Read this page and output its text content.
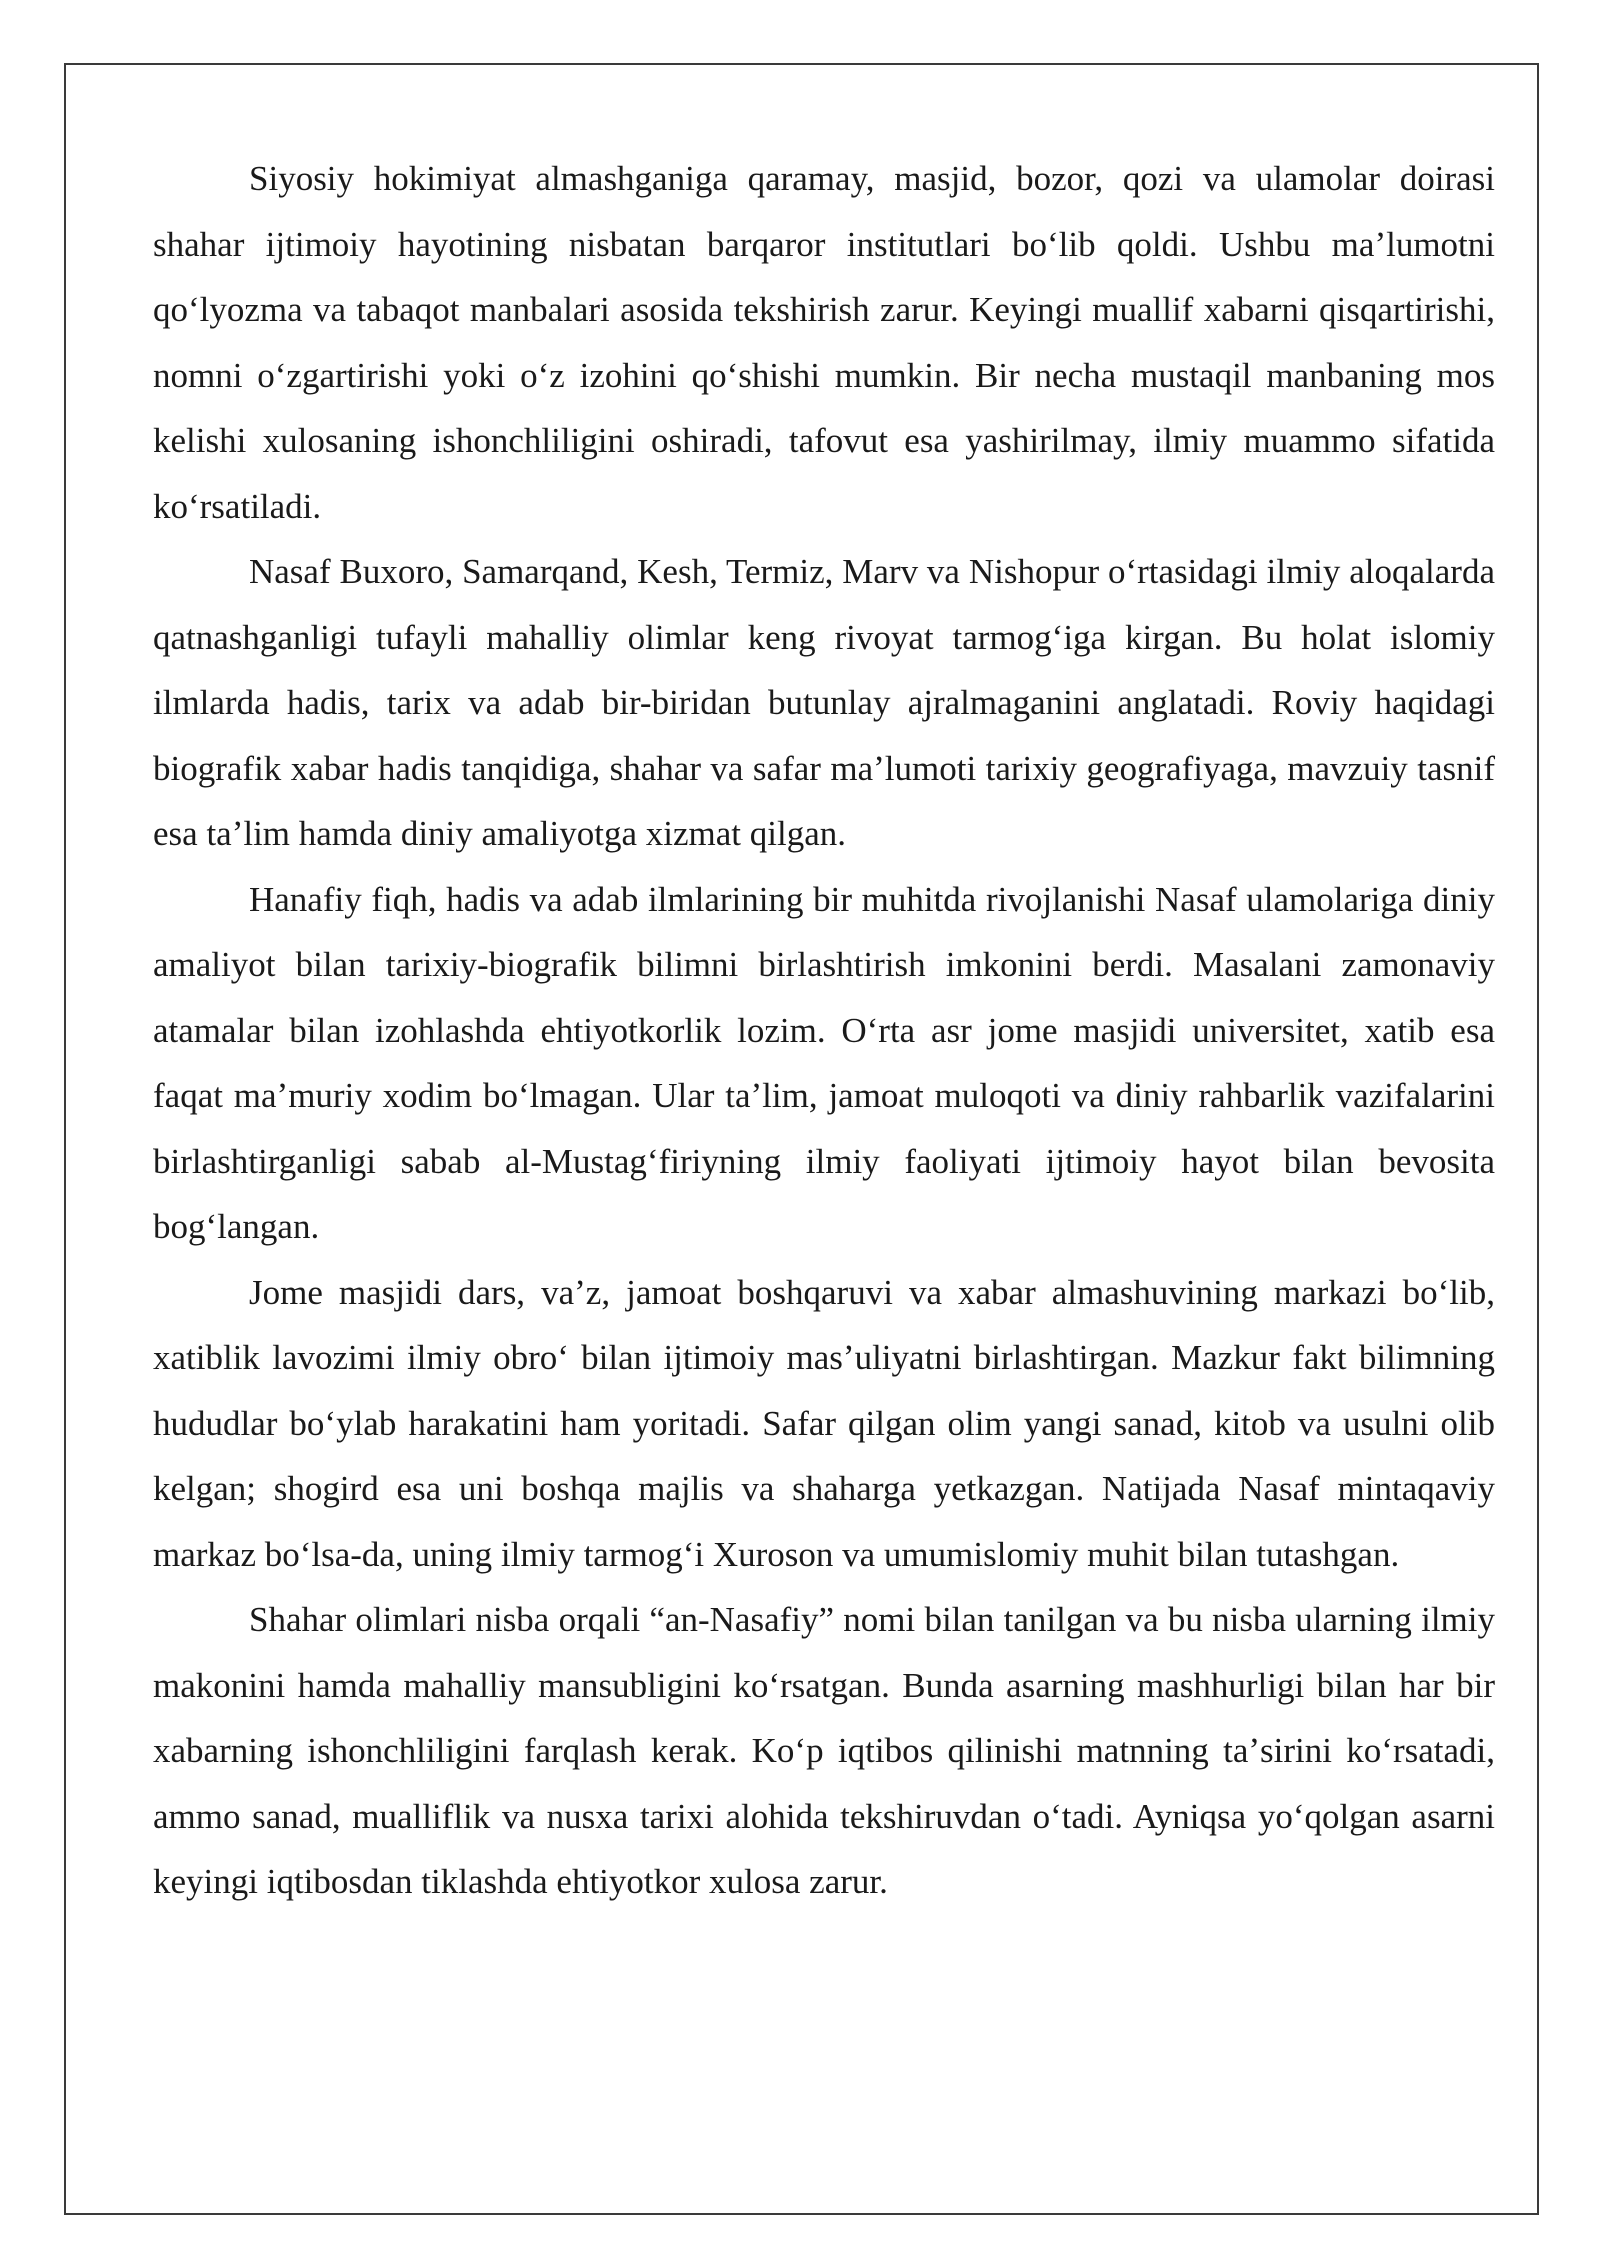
Siyosiy hokimiyat almashganiga qaramay, masjid, bozor, qozi va ulamolar doirasi shahar ijtimoiy hayotining nisbatan barqaror institutlari boʻlib qoldi. Ushbu maʼlumotni qoʻlyozma va tabaqot manbalari asosida tekshirish zarur. Keyingi muallif xabarni qisqartirishi, nomni oʻzgartirishi yoki oʻz izohini qoʻshishi mumkin. Bir necha mustaqil manbaning mos kelishi xulosaning ishonchliligini oshiradi, tafovut esa yashirilmay, ilmiy muammo sifatida koʻrsatiladi.

Nasaf Buxoro, Samarqand, Kesh, Termiz, Marv va Nishopur oʻrtasidagi ilmiy aloqalarda qatnashganligi tufayli mahalliy olimlar keng rivoyat tarmogʻiga kirgan. Bu holat islomiy ilmlarda hadis, tarix va adab bir-biridan butunlay ajralmaganini anglatadi. Roviy haqidagi biografik xabar hadis tanqidiga, shahar va safar maʼlumoti tarixiy geografiyaga, mavzuiy tasnif esa taʼlim hamda diniy amaliyotga xizmat qilgan.

Hanafiy fiqh, hadis va adab ilmlarining bir muhitda rivojlanishi Nasaf ulamolariga diniy amaliyot bilan tarixiy-biografik bilimni birlashtirish imkonini berdi. Masalani zamonaviy atamalar bilan izohlashda ehtiyotkorlik lozim. Oʻrta asr jome masjidi universitet, xatib esa faqat maʼmuriy xodim boʻlmagan. Ular taʼlim, jamoat muloqoti va diniy rahbarlik vazifalarini birlashtirganligi sabab al-Mustagʻfiriyning ilmiy faoliyati ijtimoiy hayot bilan bevosita bogʻlangan.

Jome masjidi dars, vaʼz, jamoat boshqaruvi va xabar almashuvining markazi boʻlib, xatiblik lavozimi ilmiy obroʻ bilan ijtimoiy masʼuliyatni birlashtirgan. Mazkur fakt bilimning hududlar boʻylab harakatini ham yoritadi. Safar qilgan olim yangi sanad, kitob va usulni olib kelgan; shogird esa uni boshqa majlis va shaharga yetkazgan. Natijada Nasaf mintaqaviy markaz boʻlsa-da, uning ilmiy tarmogʻi Xuroson va umumislomiy muhit bilan tutashgan.

Shahar olimlari nisba orqali “an-Nasafiy” nomi bilan tanilgan va bu nisba ularning ilmiy makonini hamda mahalliy mansubligini koʻrsatgan. Bunda asarning mashhurligi bilan har bir xabarning ishonchliligini farqlash kerak. Koʻp iqtibos qilinishi matnning taʼsirini koʻrsatadi, ammo sanad, mualliflik va nusxa tarixi alohida tekshiruvdan oʻtadi. Ayniqsa yoʻqolgan asarni keyingi iqtibosdan tiklashda ehtiyotkor xulosa zarur.
